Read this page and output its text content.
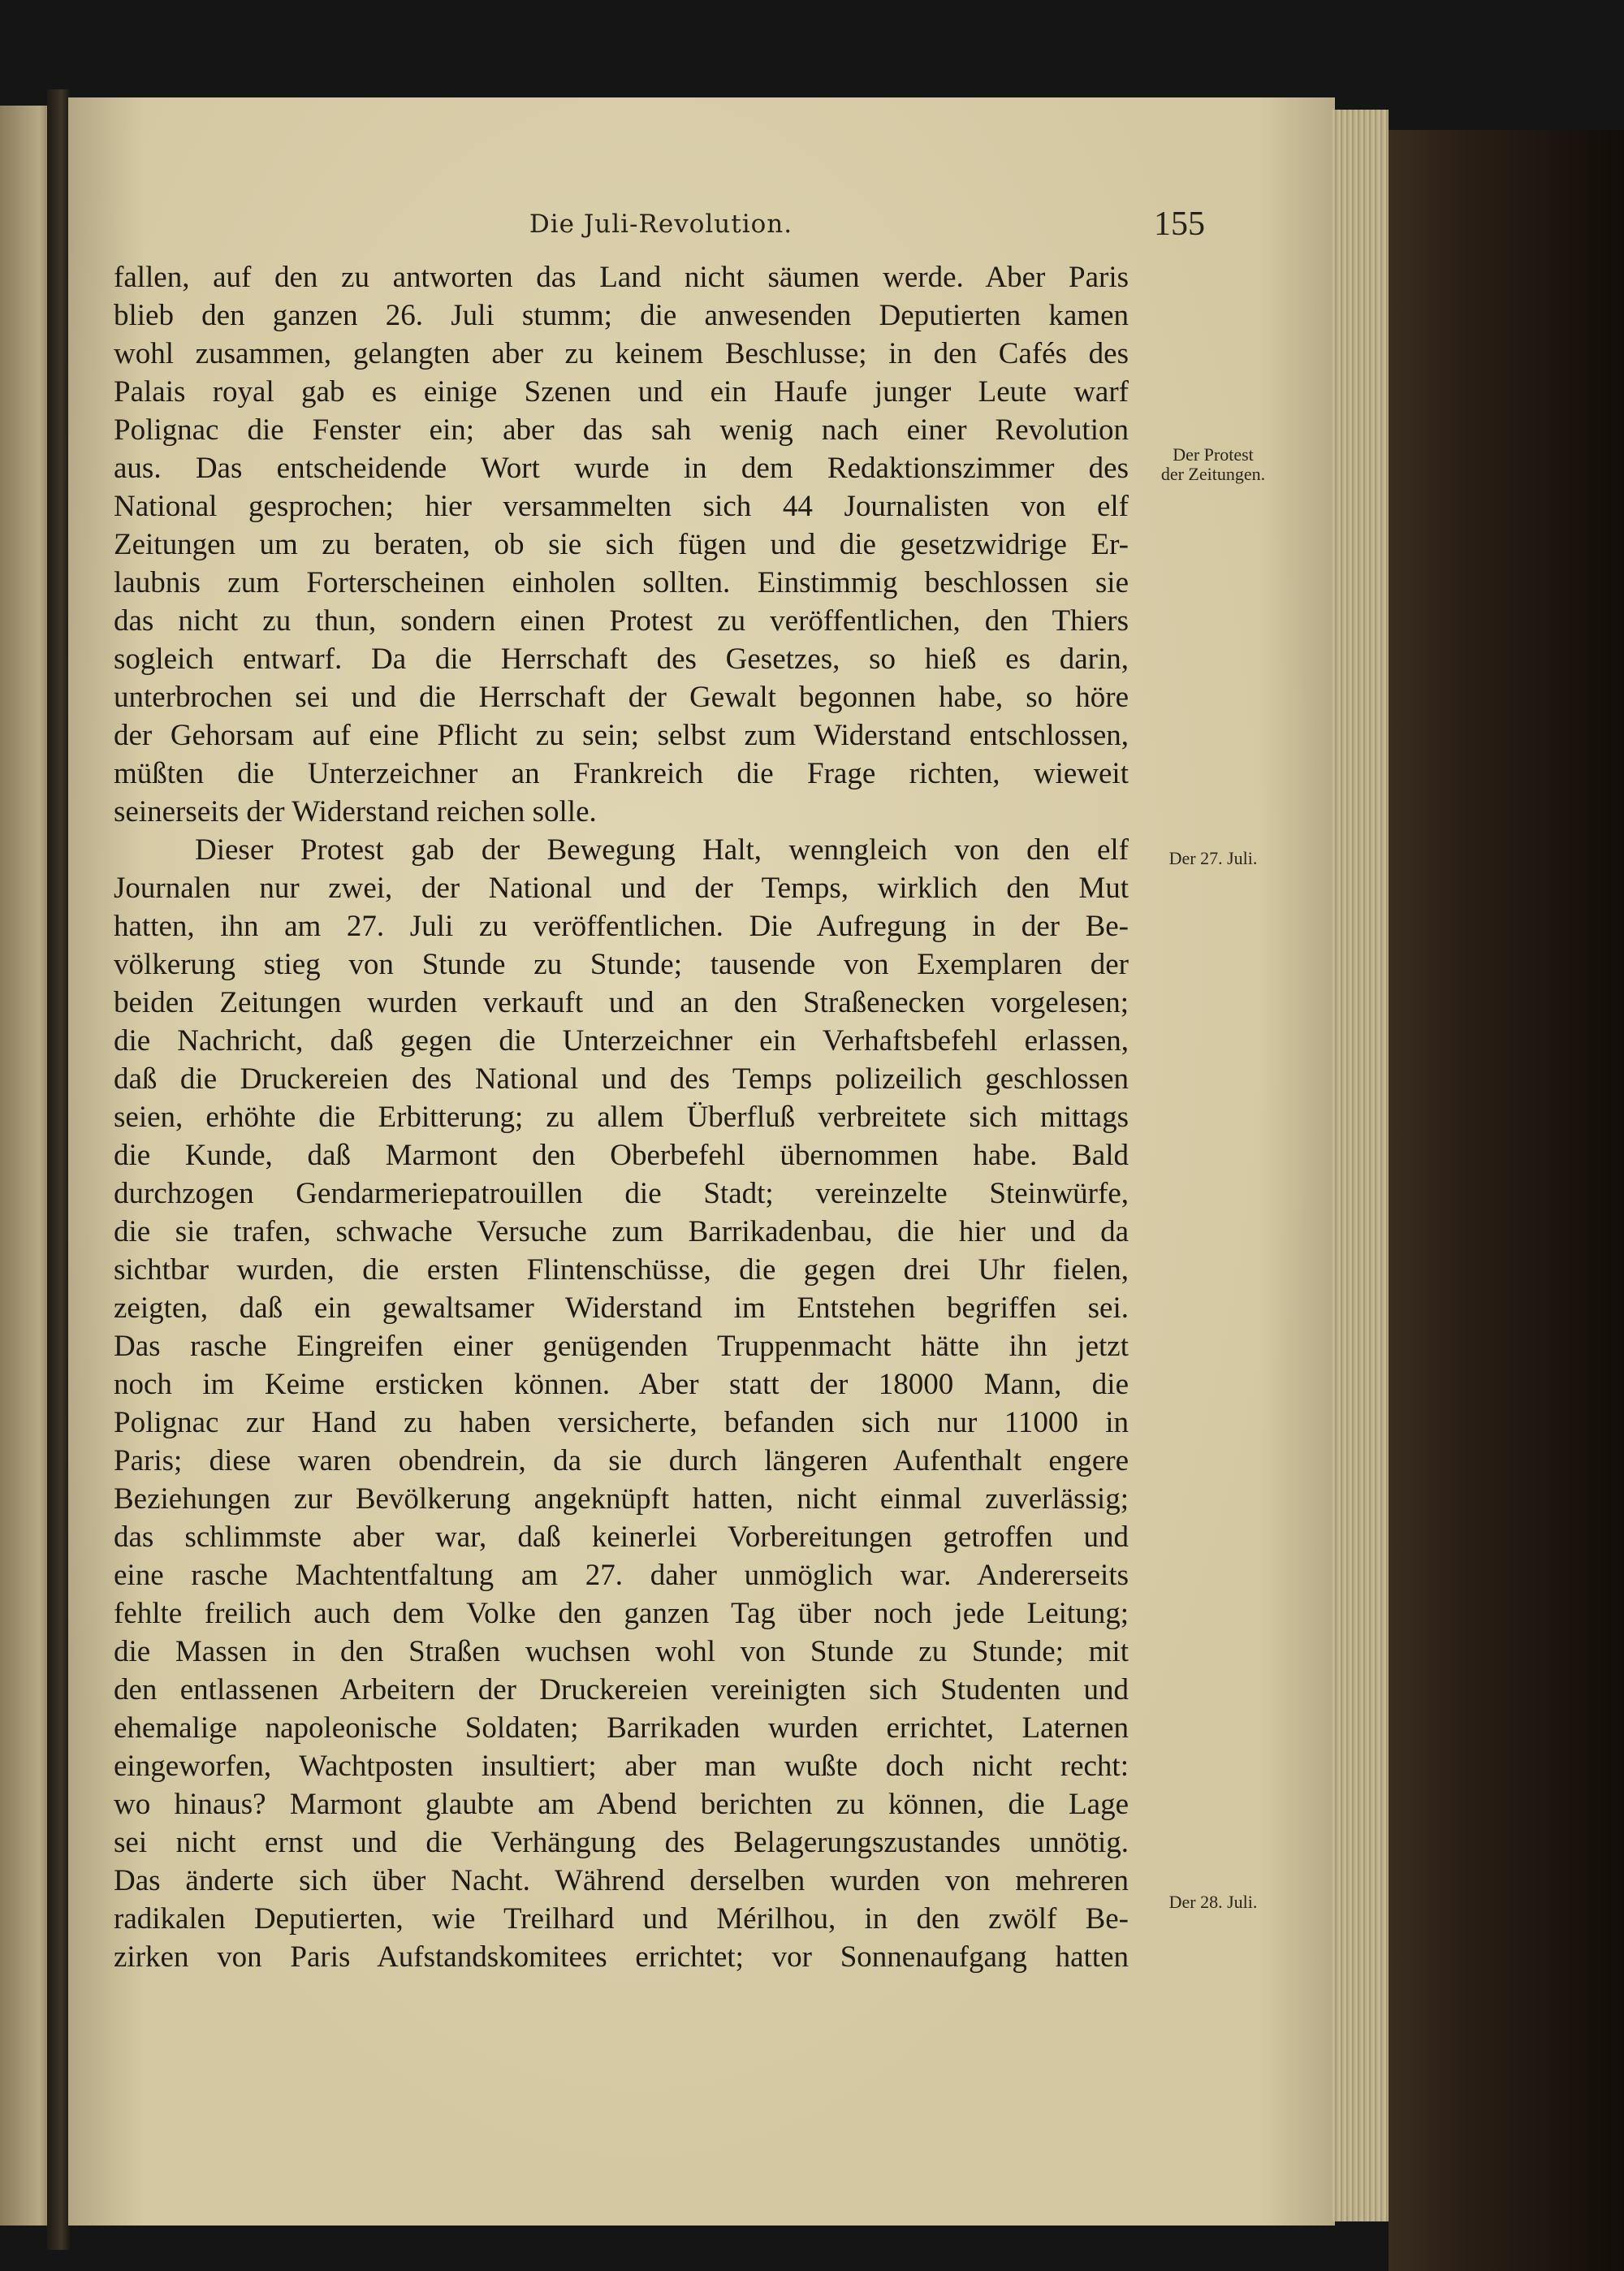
Die Juli-Revolution.	155
fallen, auf den zu antworten das Land nicht säumen werde. Aber Paris
blieb den ganzen 26. Juli stumm; die anwesenden Deputierten kamen
wohl zusammen, gelangten aber zu keinem Beschlusse; in den Cafés des
Palais royal gab es einige Szenen und ein Haufe junger Leute warf
Polignac die Fenster ein; aber das sah wenig nach einer Revolution
aus. Das entscheidende Wort wurde in dem Redaktionszimmer des
National gesprochen; hier versammelten sich 44 Journalisten von elf
Zeitungen um zu beraten, ob sie sich fügen und die gesetzwidrige Er-
laubnis zum Forterscheinen einholen sollten. Einstimmig beschlossen sie
das nicht zu thun, sondern einen Protest zu veröffentlichen, den Thiers
sogleich entwarf. Da die Herrschaft des Gesetzes, so hieß es darin,
unterbrochen sei und die Herrschaft der Gewalt begonnen habe, so höre
der Gehorsam auf eine Pflicht zu sein; selbst zum Widerstand entschlossen,
müßten die Unterzeichner an Frankreich die Frage richten, wieweit
seinerseits der Widerstand reichen solle.
Dieser Protest gab der Bewegung Halt, wenngleich von den elf
Journalen nur zwei, der National und der Temps, wirklich den Mut
hatten, ihn am 27. Juli zu veröffentlichen. Die Aufregung in der Be-
völkerung stieg von Stunde zu Stunde; tausende von Exemplaren der
beiden Zeitungen wurden verkauft und an den Straßenecken vorgelesen;
die Nachricht, daß gegen die Unterzeichner ein Verhaftsbefehl erlassen,
daß die Druckereien des National und des Temps polizeilich geschlossen
seien, erhöhte die Erbitterung; zu allem Überfluß verbreitete sich mittags
die Kunde, daß Marmont den Oberbefehl übernommen habe. Bald
durchzogen Gendarmeriepatrouillen die Stadt; vereinzelte Steinwürfe,
die sie trafen, schwache Versuche zum Barrikadenbau, die hier und da
sichtbar wurden, die ersten Flintenschüsse, die gegen drei Uhr fielen,
zeigten, daß ein gewaltsamer Widerstand im Entstehen begriffen sei.
Das rasche Eingreifen einer genügenden Truppenmacht hätte ihn jetzt
noch im Keime ersticken können. Aber statt der 18000 Mann, die
Polignac zur Hand zu haben versicherte, befanden sich nur 11000 in
Paris; diese waren obendrein, da sie durch längeren Aufenthalt engere
Beziehungen zur Bevölkerung angeknüpft hatten, nicht einmal zuverlässig;
das schlimmste aber war, daß keinerlei Vorbereitungen getroffen und
eine rasche Machtentfaltung am 27. daher unmöglich war. Andererseits
fehlte freilich auch dem Volke den ganzen Tag über noch jede Leitung;
die Massen in den Straßen wuchsen wohl von Stunde zu Stunde; mit
den entlassenen Arbeitern der Druckereien vereinigten sich Studenten und
ehemalige napoleonische Soldaten; Barrikaden wurden errichtet, Laternen
eingeworfen, Wachtposten insultiert; aber man wußte doch nicht recht:
wo hinaus? Marmont glaubte am Abend berichten zu können, die Lage
sei nicht ernst und die Verhängung des Belagerungszustandes unnötig.
Das änderte sich über Nacht. Während derselben wurden von mehreren
radikalen Deputierten, wie Treilhard und Mérilhou, in den zwölf Be-
zirken von Paris Aufstandskomitees errichtet; vor Sonnenaufgang hatten
Der Protest
der Zeitungen.
Der 27. Juli.
Der 28. Juli.
